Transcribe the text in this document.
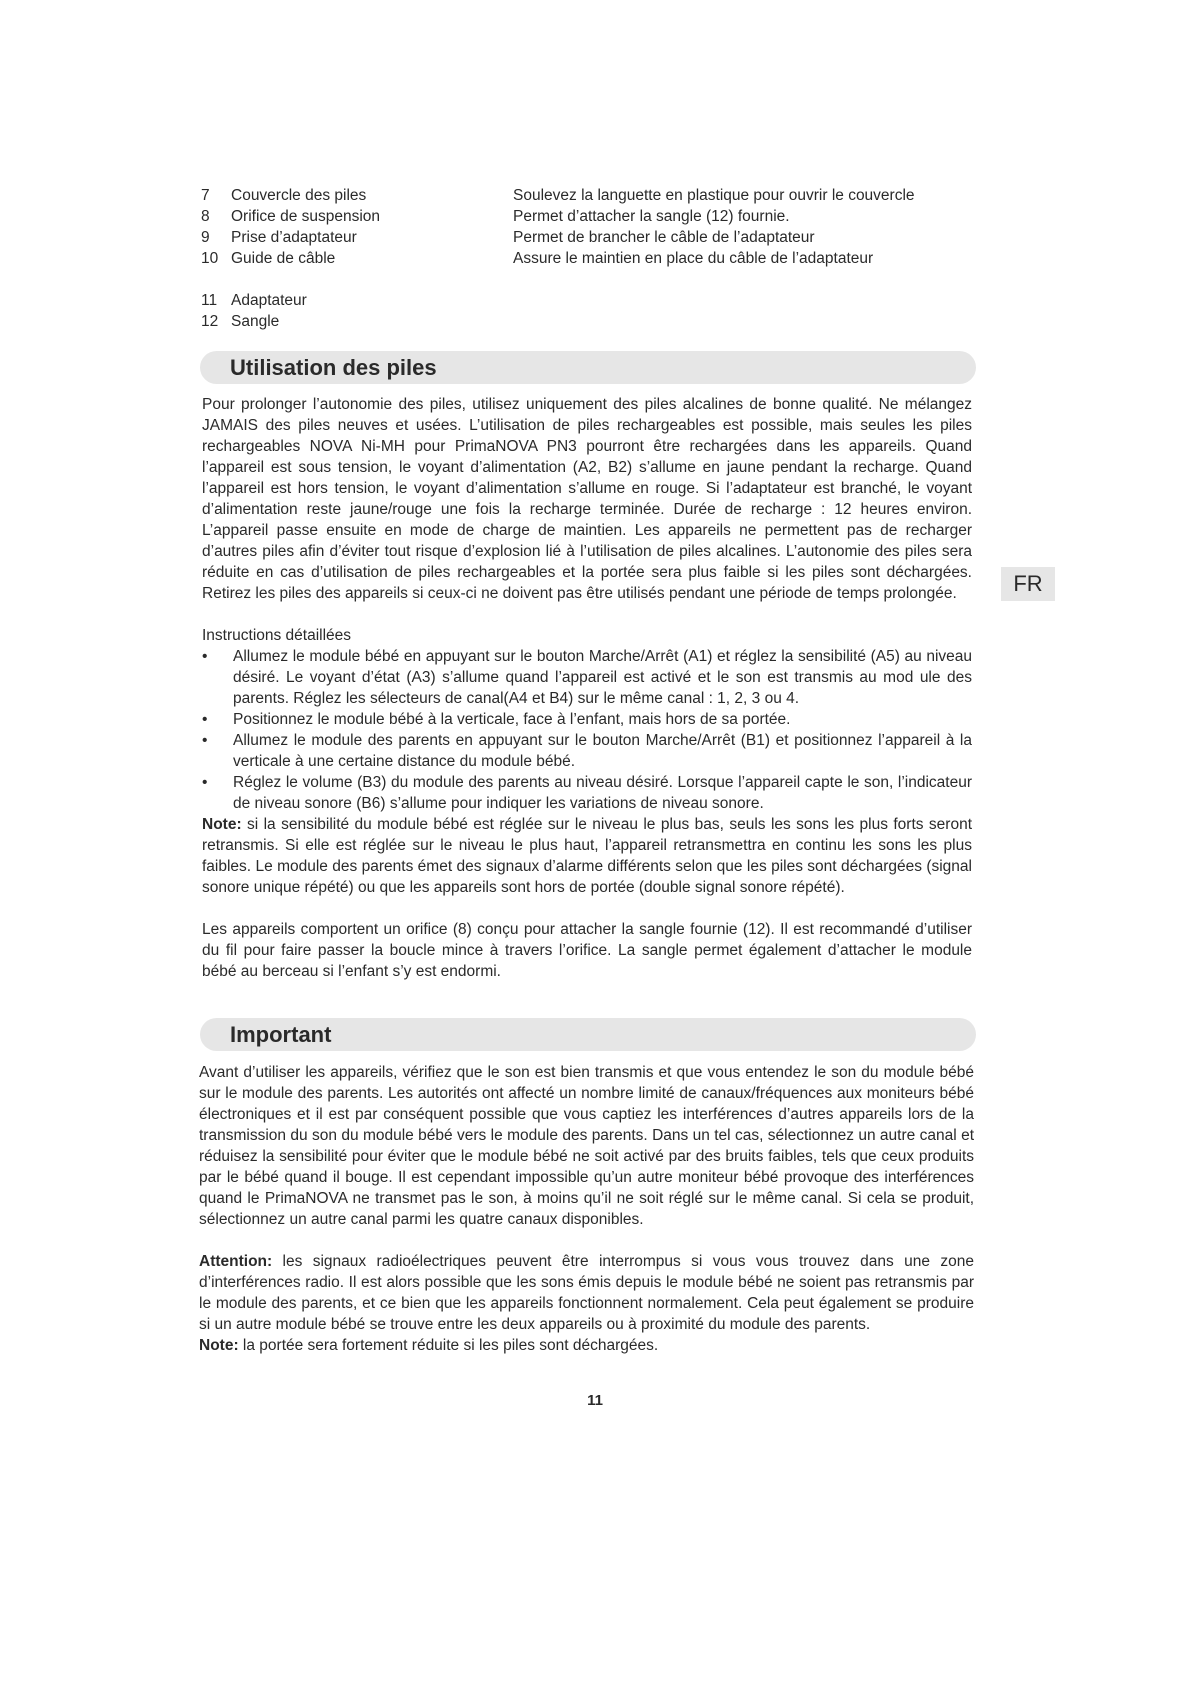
7	Couvercle des piles	Soulevez la languette en plastique pour ouvrir le couvercle
8	Orifice de suspension	Permet d’attacher la sangle (12) fournie.
9	Prise d’adaptateur	Permet de brancher le câble de l’adaptateur
10 Guide de câble	Assure le maintien en place du câble de l’adaptateur
11 Adaptateur
12 Sangle
Utilisation des piles
Pour prolonger l’autonomie des piles, utilisez uniquement des piles alcalines de bonne qualité. Ne mélangez JAMAIS des piles neuves et usées. L’utilisation de piles rechargeables est possible, mais seules les piles rechargeables NOVA Ni-MH pour PrimaNOVA PN3 pourront être rechargées dans les appareils. Quand l’appareil est sous tension, le voyant d’alimentation (A2, B2) s’allume en jaune pendant la recharge. Quand l’appareil est hors tension, le voyant d’alimentation s’allume en rouge. Si l’adaptateur est branché, le voyant d’alimentation reste jaune/rouge une fois la recharge terminée. Durée de recharge : 12 heures environ. L’appareil passe ensuite en mode de charge de maintien. Les appareils ne permettent pas de recharger d’autres piles afin d’éviter tout risque d’explosion lié à l’utilisation de piles alcalines. L’autonomie des piles sera réduite en cas d’utilisation de piles rechargeables et la portée sera plus faible si les piles sont déchargées. Retirez les piles des appareils si ceux-ci ne doivent pas être utilisés pendant une période de temps prolongée.
Instructions détaillées
•	Allumez le module bébé en appuyant sur le bouton Marche/Arrêt (A1) et réglez la sensibilité (A5) au niveau désiré. Le voyant d’état (A3) s’allume quand l’appareil est activé et le son est transmis au mod ule des parents. Réglez les sélecteurs de canal(A4 et B4) sur le même canal : 1, 2, 3 ou 4.
•	Positionnez le module bébé à la verticale, face à l’enfant, mais hors de sa portée.
•	Allumez le module des parents en appuyant sur le bouton Marche/Arrêt (B1) et positionnez l’appareil à la verticale à une certaine distance du module bébé.
•	Réglez le volume (B3) du module des parents au niveau désiré. Lorsque l’appareil capte le son, l’indicateur de niveau sonore (B6) s’allume pour indiquer les variations de niveau sonore.
Note: si la sensibilité du module bébé est réglée sur le niveau le plus bas, seuls les sons les plus forts seront retransmis. Si elle est réglée sur le niveau le plus haut, l’appareil retransmettra en continu les sons les plus faibles. Le module des parents émet des signaux d’alarme différents selon que les piles sont déchargées (signal sonore unique répété) ou que les appareils sont hors de portée (double signal sonore répété).
Les appareils comportent un orifice (8) conçu pour attacher la sangle fournie (12). Il est recommandé d’utiliser du fil pour faire passer la boucle mince à travers l’orifice. La sangle permet également d’attacher le module bébé au berceau si l’enfant s’y est endormi.
Important
Avant d’utiliser les appareils, vérifiez que le son est bien transmis et que vous entendez le son du module bébé sur le module des parents. Les autorités ont affecté un nombre limité de canaux/fréquences aux moniteurs bébé électroniques et il est par conséquent possible que vous captiez les interférences d’autres appareils lors de la transmission du son du module bébé vers le module des parents. Dans un tel cas, sélectionnez un autre canal et réduisez la sensibilité pour éviter que le module bébé ne soit activé par des bruits faibles, tels que ceux produits par le bébé quand il bouge. Il est cependant impossible qu’un autre moniteur bébé provoque des interférences quand le PrimaNOVA ne transmet pas le son, à moins qu’il ne soit réglé sur le même canal. Si cela se produit, sélectionnez un autre canal parmi les quatre canaux disponibles.
Attention: les signaux radioélectriques peuvent être interrompus si vous vous trouvez dans une zone d’interférences radio. Il est alors possible que les sons émis depuis le module bébé ne soient pas retransmis par le module des parents, et ce bien que les appareils fonctionnent normalement. Cela peut également se produire si un autre module bébé se trouve entre les deux appareils ou à proximité du module des parents.
Note: la portée sera fortement réduite si les piles sont déchargées.
FR
11
